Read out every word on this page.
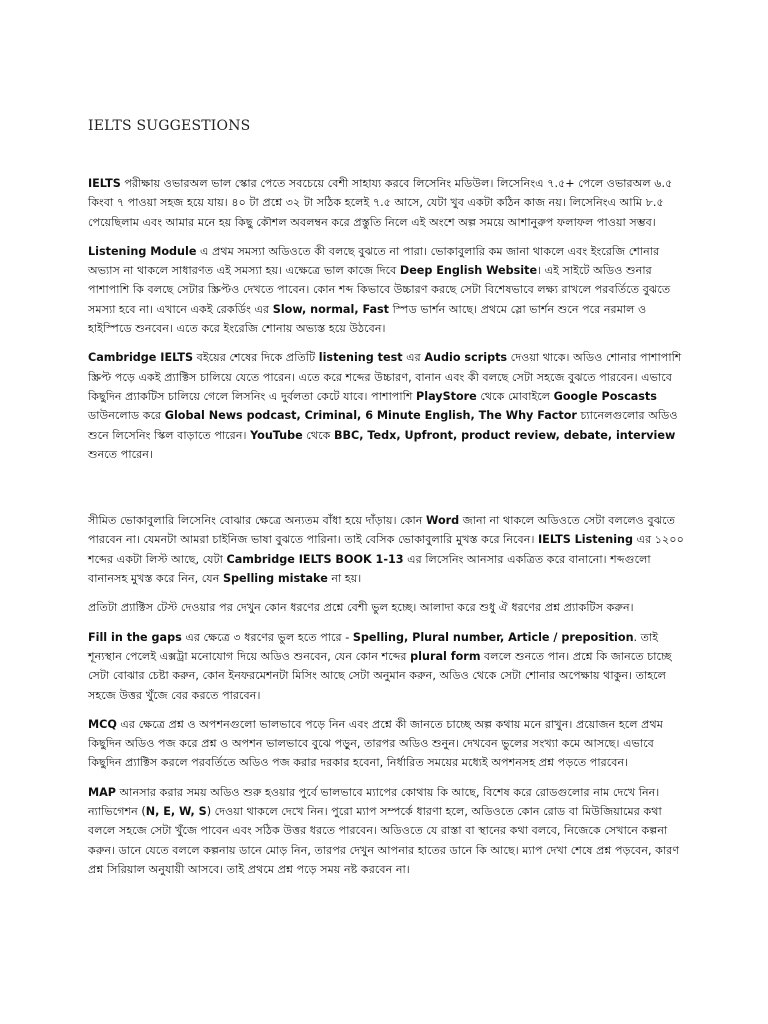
IELTS SUGGESTIONS

IELTS পরীক্ষায় ওভারঅল ভাল স্কোর পেতে সবচেয়ে বেশী সাহায্য করবে লিসেনিং মডিউল। লিসেনিংএ ৭.৫+ পেলে ওভারঅল ৬.৫ কিংবা ৭ পাওয়া সহজ হয়ে যায়। ৪০ টা প্রশ্নে ৩২ টা সঠিক হলেই ৭.৫ আসে, যেটা খুব একটা কঠিন কাজ নয়। লিসেনিংএ আমি ৮.৫ পেয়েছিলাম এবং আমার মনে হয় কিছু কৌশল অবলম্বন করে প্রস্তুতি নিলে এই অংশে অল্প সময়ে আশানুরুপ ফলাফল পাওয়া সম্ভব।

Listening Module এ প্রথম সমস্যা অডিওতে কী বলছে বুঝতে না পারা। ভোকাবুলারি কম জানা থাকলে এবং ইংরেজি শোনার অভ্যাস না থাকলে সাধারণত এই সমস্যা হয়। এক্ষেত্রে ভাল কাজে দিবে Deep English Website। এই সাইটে অডিও শুনার পাশাপাশি কি বলছে সেটার স্ক্রিপ্টও দেখতে পাবেন। কোন শব্দ কিভাবে উচ্চারণ করছে সেটা বিশেষভাবে লক্ষ্য রাখলে পরবর্তিতে বুঝতে সমস্যা হবে না। এখানে একই রেকর্ডিং এর Slow, normal, Fast স্পিড ভার্শন আছে। প্রথমে স্লো ভার্শন শুনে পরে নরমাল ও হাইস্পিডে শুনবেন। এতে করে ইংরেজি শোনায় অভ্যস্ত হয়ে উঠবেন।

Cambridge IELTS বইয়ের শেষের দিকে প্রতিটি listening test এর Audio scripts দেওয়া থাকে। অডিও শোনার পাশাপাশি স্ক্রিপ্ট পড়ে একই প্র্যাক্টিস চালিয়ে যেতে পারেন। এতে করে শব্দের উচ্চারণ, বানান এবং কী বলছে সেটা সহজে বুঝতে পারবেন। এভাবে কিছুদিন প্র্যাকটিস চালিয়ে গেলে লিসনিং এ দুর্বলতা কেটে যাবে। পাশাপাশি PlayStore থেকে মোবাইলে Google Poscasts ডাউনলোড করে Global News podcast, Criminal, 6 Minute English, The Why Factor চ্যানেলগুলোর অডিও শুনে লিসেনিং স্কিল বাড়াতে পারেন। YouTube থেকে BBC, Tedx, Upfront, product review, debate, interview শুনতে পারেন।

সীমিত ভোকাবুলারি লিসেনিং বোঝার ক্ষেত্রে অন্যতম বাঁধা হয়ে দাঁড়ায়। কোন Word জানা না থাকলে অডিওতে সেটা বললেও বুঝতে পারবেন না। যেমনটা আমরা চাইনিজ ভাষা বুঝতে পারিনা। তাই বেসিক ভোকাবুলারি মুখস্ত করে নিবেন। IELTS Listening এর ১২০০ শব্দের একটা লিস্ট আছে, যেটা Cambridge IELTS BOOK 1-13 এর লিসেনিং আনসার একত্রিত করে বানানো। শব্দগুলো বানানসহ মুখস্ত করে নিন, যেন Spelling mistake না হয়।

প্রতিটা প্র্যাক্টিস টেস্ট দেওয়ার পর দেখুন কোন ধরণের প্রশ্নে বেশী ভুল হচ্ছে। আলাদা করে শুধু ঐ ধরণের প্রশ্ন প্র্যাকটিস করুন।

Fill in the gaps এর ক্ষেত্রে ৩ ধরণের ভুল হতে পারে - Spelling, Plural number, Article / preposition. তাই শূন্যস্থান পেলেই এক্সট্রা মনোযোগ দিয়ে অডিও শুনবেন, যেন কোন শব্দের plural form বললে শুনতে পান। প্রশ্নে কি জানতে চাচ্ছে সেটা বোঝার চেষ্টা করুন, কোন ইনফরমেশনটা মিসিং আছে সেটা অনুমান করুন, অডিও থেকে সেটা শোনার অপেক্ষায় থাকুন। তাহলে সহজে উত্তর খুঁজে বের করতে পারবেন।

MCQ এর ক্ষেত্রে প্রশ্ন ও অপশনগুলো ভালভাবে পড়ে নিন এবং প্রশ্নে কী জানতে চাচ্ছে অল্প কথায় মনে রাখুন। প্রয়োজন হলে প্রথম কিছুদিন অডিও পজ করে প্রশ্ন ও অপশন ভালভাবে বুঝে পড়ুন, তারপর অডিও শুনুন। দেখবেন ভুলের সংখ্যা কমে আসছে। এভাবে কিছুদিন প্র্যাক্টিস করলে পরবর্তিতে অডিও পজ করার দরকার হবেনা, নির্ধারিত সময়ের মধ্যেই অপশনসহ প্রশ্ন পড়তে পারবেন।

MAP আনসার করার সময় অডিও শুরু হওয়ার পুর্বে ভালভাবে ম্যাপের কোথায় কি আছে, বিশেষ করে রোডগুলোর নাম দেখে নিন। ন্যাভিগেশন (N, E, W, S) দেওয়া থাকলে দেখে নিন। পুরো ম্যাপ সম্পর্কে ধারণা হলে, অডিওতে কোন রোড বা মিউজিয়ামের কথা বললে সহজে সেটা খুঁজে পাবেন এবং সঠিক উত্তর ধরতে পারবেন। অডিওতে যে রাস্তা বা স্থানের কথা বলবে, নিজেকে সেখানে কল্পনা করুন। ডানে যেতে বললে কল্পনায় ডানে মোড় নিন, তারপর দেখুন আপনার হাতের ডানে কি আছে। ম্যাপ দেখা শেষে প্রশ্ন পড়বেন, কারণ প্রশ্ন সিরিয়াল অনুযায়ী আসবে। তাই প্রথমে প্রশ্ন পড়ে সময় নষ্ট করবেন না।
